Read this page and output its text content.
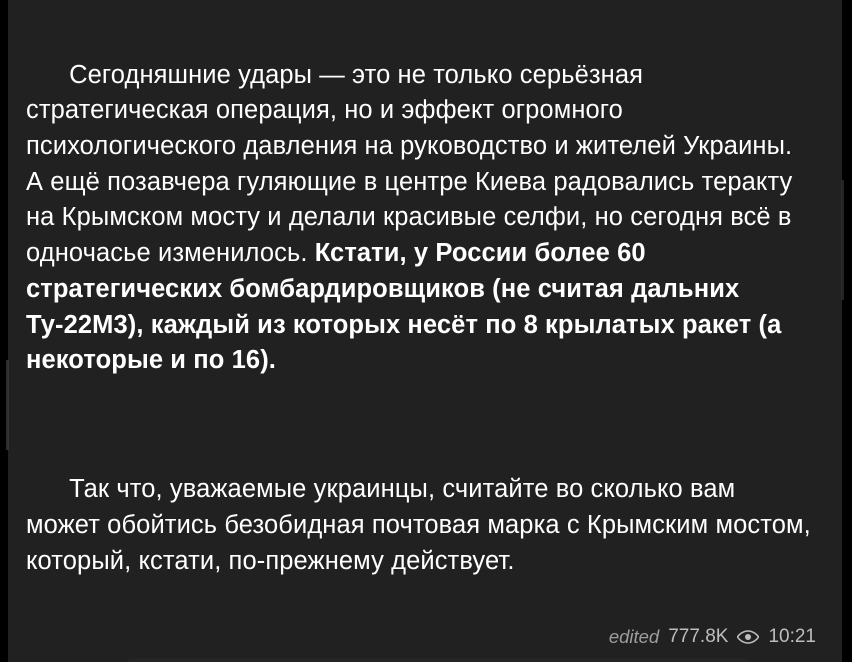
Сегодняшние удары — это не только серьёзная стратегическая операция, но и эффект огромного психологического давления на руководство и жителей Украины. А ещё позавчера гуляющие в центре Киева радовались теракту на Крымском мосту и делали красивые селфи, но сегодня всё в одночасье изменилось. Кстати, у России более 60 стратегических бомбардировщиков (не считая дальних Ту-22М3), каждый из которых несёт по 8 крылатых ракет (а некоторые и по 16).

Так что, уважаемые украинцы, считайте во сколько вам может обойтись безобидная почтовая марка с Крымским мостом, который, кстати, по-прежнему действует.

edited 777.8K 10:21
